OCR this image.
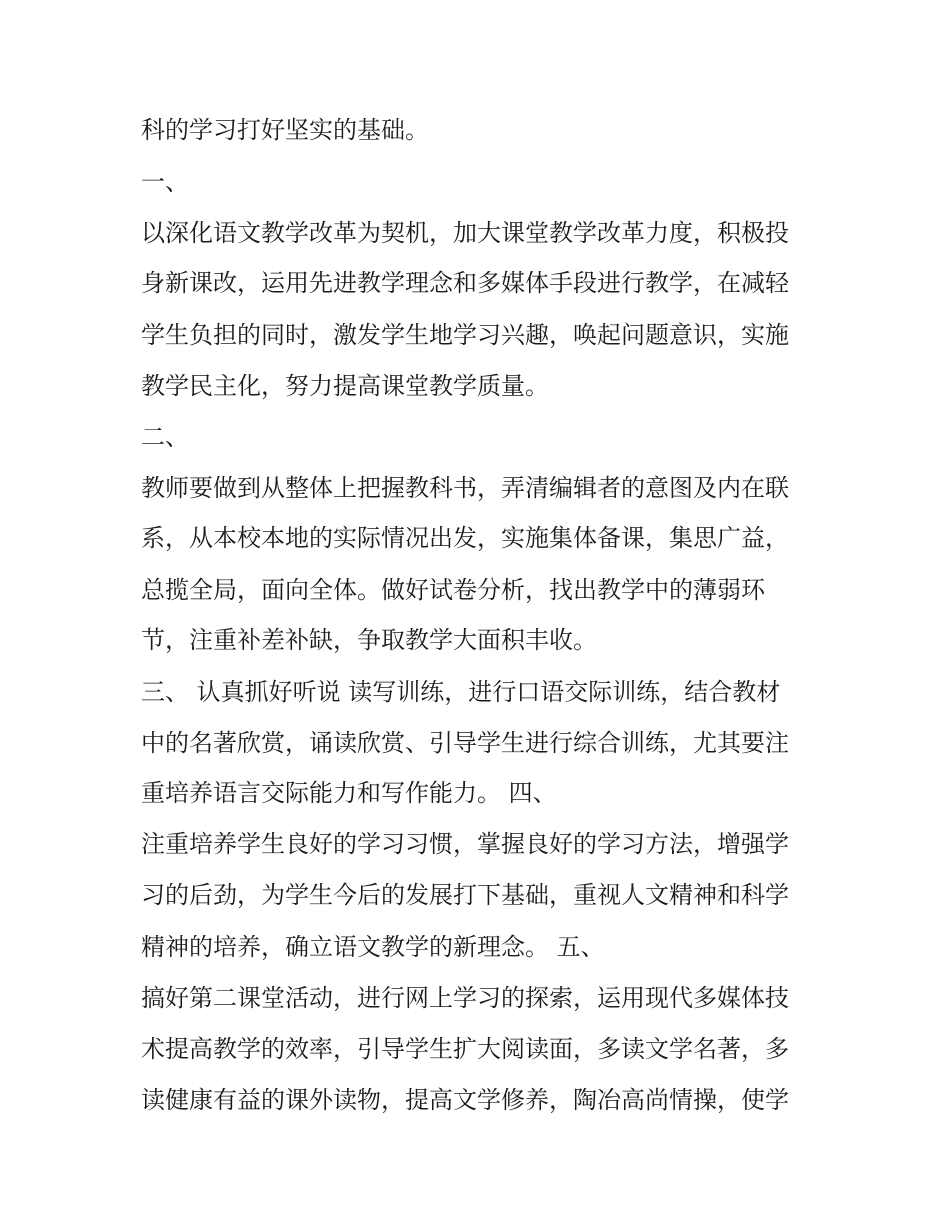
科的学习打好坚实的基础。
一、
以深化语文教学改革为契机，加大课堂教学改革力度，积极投
身新课改，运用先进教学理念和多媒体手段进行教学，在减轻
学生负担的同时，激发学生地学习兴趣，唤起问题意识，实施
教学民主化，努力提高课堂教学质量。
二、
教师要做到从整体上把握教科书，弄清编辑者的意图及内在联
系，从本校本地的实际情况出发，实施集体备课，集思广益，
总揽全局，面向全体。做好试卷分析，找出教学中的薄弱环
节，注重补差补缺，争取教学大面积丰收。
三、 认真抓好听说 读写训练，进行口语交际训练，结合教材
中的名著欣赏，诵读欣赏、引导学生进行综合训练，尤其要注
重培养语言交际能力和写作能力。 四、
注重培养学生良好的学习习惯，掌握良好的学习方法，增强学
习的后劲，为学生今后的发展打下基础，重视人文精神和科学
精神的培养，确立语文教学的新理念。 五、
搞好第二课堂活动，进行网上学习的探索，运用现代多媒体技
术提高教学的效率，引导学生扩大阅读面，多读文学名著，多
读健康有益的课外读物，提高文学修养，陶冶高尚情操，使学
